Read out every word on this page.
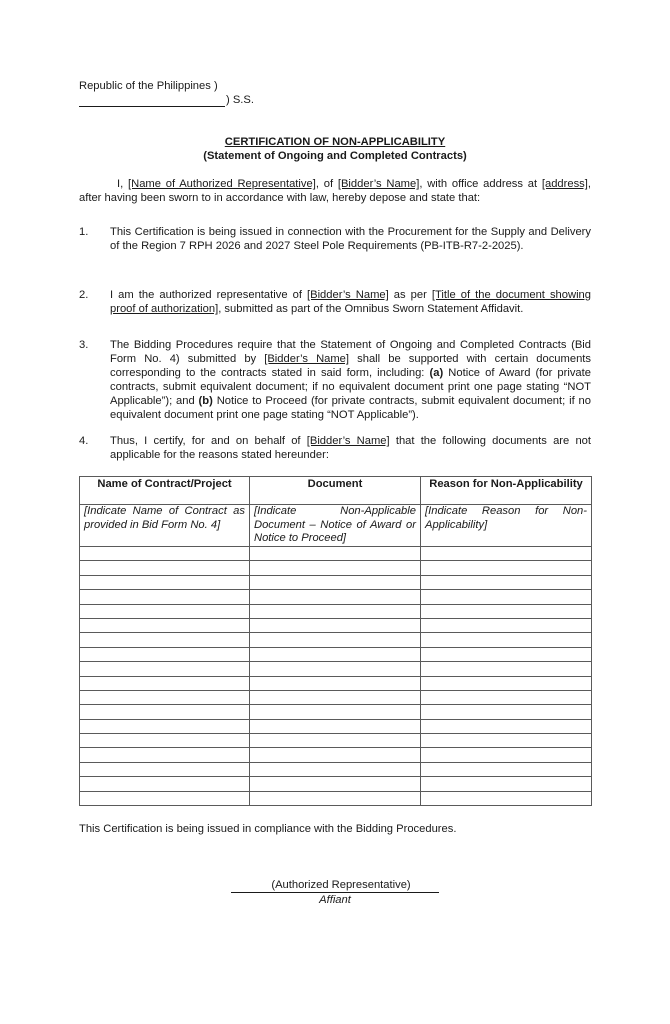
Republic of the Philippines )
) S.S.
CERTIFICATION OF NON-APPLICABILITY
(Statement of Ongoing and Completed Contracts)
I, [Name of Authorized Representative], of [Bidder’s Name], with office address at [address], after having been sworn to in accordance with law, hereby depose and state that:
1.	This Certification is being issued in connection with the Procurement for the Supply and Delivery of the Region 7 RPH 2026 and 2027 Steel Pole Requirements (PB-ITB-R7-2-2025).
2.	I am the authorized representative of [Bidder’s Name] as per [Title of the document showing proof of authorization], submitted as part of the Omnibus Sworn Statement Affidavit.
3.	The Bidding Procedures require that the Statement of Ongoing and Completed Contracts (Bid Form No. 4) submitted by [Bidder’s Name] shall be supported with certain documents corresponding to the contracts stated in said form, including: (a) Notice of Award (for private contracts, submit equivalent document; if no equivalent document print one page stating “NOT Applicable”); and (b) Notice to Proceed (for private contracts, submit equivalent document; if no equivalent document print one page stating “NOT Applicable”).
4.	Thus, I certify, for and on behalf of [Bidder’s Name] that the following documents are not applicable for the reasons stated hereunder:
Name of Contract/Project	Document	Reason for Non-Applicability
[Indicate Name of Contract as provided in Bid Form No. 4]	[Indicate Non-Applicable Document – Notice of Award or Notice to Proceed]	[Indicate Reason for Non-Applicability]

This Certification is being issued in compliance with the Bidding Procedures.
(Authorized Representative)
Affiant
